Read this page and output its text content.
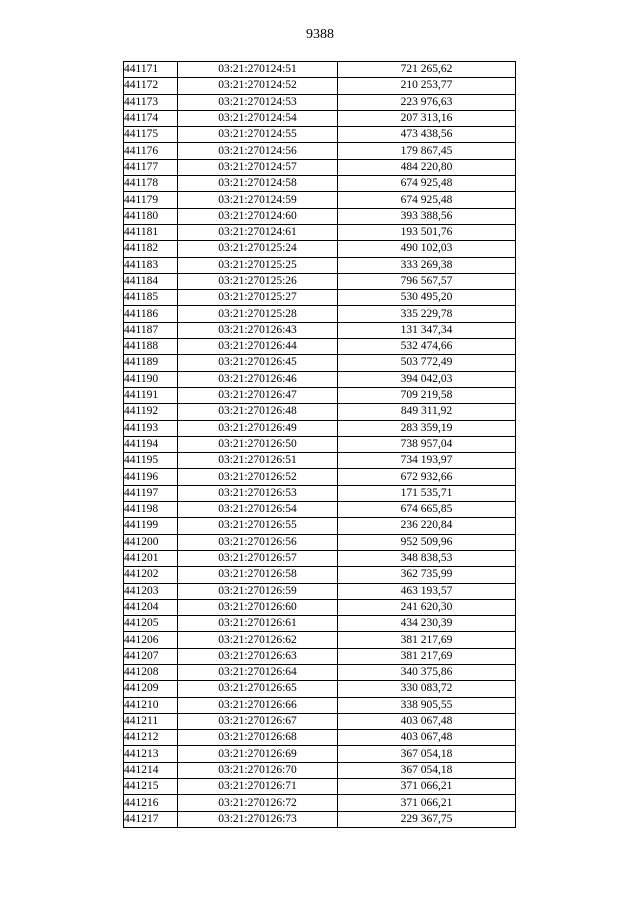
9388
441171	03:21:270124:51	721 265,62
441172	03:21:270124:52	210 253,77
441173	03:21:270124:53	223 976,63
441174	03:21:270124:54	207 313,16
441175	03:21:270124:55	473 438,56
441176	03:21:270124:56	179 867,45
441177	03:21:270124:57	484 220,80
441178	03:21:270124:58	674 925,48
441179	03:21:270124:59	674 925,48
441180	03:21:270124:60	393 388,56
441181	03:21:270124:61	193 501,76
441182	03:21:270125:24	490 102,03
441183	03:21:270125:25	333 269,38
441184	03:21:270125:26	796 567,57
441185	03:21:270125:27	530 495,20
441186	03:21:270125:28	335 229,78
441187	03:21:270126:43	131 347,34
441188	03:21:270126:44	532 474,66
441189	03:21:270126:45	503 772,49
441190	03:21:270126:46	394 042,03
441191	03:21:270126:47	709 219,58
441192	03:21:270126:48	849 311,92
441193	03:21:270126:49	283 359,19
441194	03:21:270126:50	738 957,04
441195	03:21:270126:51	734 193,97
441196	03:21:270126:52	672 932,66
441197	03:21:270126:53	171 535,71
441198	03:21:270126:54	674 665,85
441199	03:21:270126:55	236 220,84
441200	03:21:270126:56	952 509,96
441201	03:21:270126:57	348 838,53
441202	03:21:270126:58	362 735,99
441203	03:21:270126:59	463 193,57
441204	03:21:270126:60	241 620,30
441205	03:21:270126:61	434 230,39
441206	03:21:270126:62	381 217,69
441207	03:21:270126:63	381 217,69
441208	03:21:270126:64	340 375,86
441209	03:21:270126:65	330 083,72
441210	03:21:270126:66	338 905,55
441211	03:21:270126:67	403 067,48
441212	03:21:270126:68	403 067,48
441213	03:21:270126:69	367 054,18
441214	03:21:270126:70	367 054,18
441215	03:21:270126:71	371 066,21
441216	03:21:270126:72	371 066,21
441217	03:21:270126:73	229 367,75
